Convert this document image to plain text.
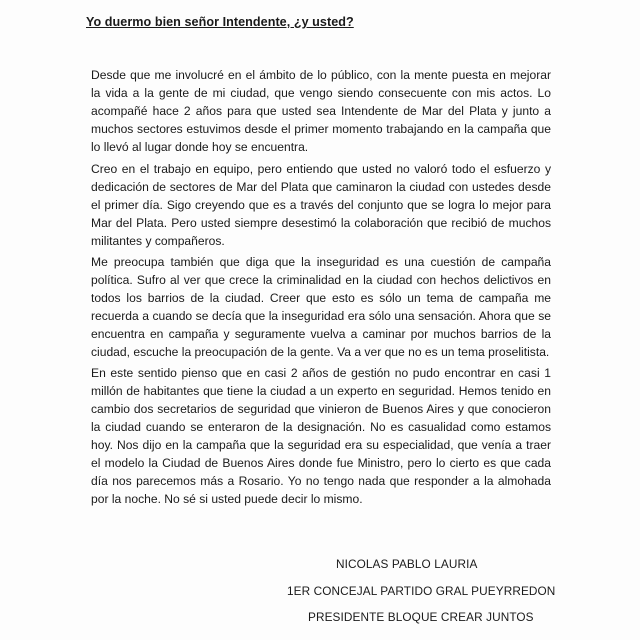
Yo duermo bien señor Intendente, ¿y usted?

Desde que me involucré en el ámbito de lo público, con la mente puesta en mejorar la vida a la gente de mi ciudad, que vengo siendo consecuente con mis actos. Lo acompañé hace 2 años para que usted sea Intendente de Mar del Plata y junto a muchos sectores estuvimos desde el primer momento trabajando en la campaña que lo llevó al lugar donde hoy se encuentra.

Creo en el trabajo en equipo, pero entiendo que usted no valoró todo el esfuerzo y dedicación de sectores de Mar del Plata que caminaron la ciudad con ustedes desde el primer día. Sigo creyendo que es a través del conjunto que se logra lo mejor para Mar del Plata. Pero usted siempre desestimó la colaboración que recibió de muchos militantes y compañeros.

Me preocupa también que diga que la inseguridad es una cuestión de campaña política. Sufro al ver que crece la criminalidad en la ciudad con hechos delictivos en todos los barrios de la ciudad. Creer que esto es sólo un tema de campaña me recuerda a cuando se decía que la inseguridad era sólo una sensación. Ahora que se encuentra en campaña y seguramente vuelva a caminar por muchos barrios de la ciudad, escuche la preocupación de la gente. Va a ver que no es un tema proselitista.

En este sentido pienso que en casi 2 años de gestión no pudo encontrar en casi 1 millón de habitantes que tiene la ciudad a un experto en seguridad. Hemos tenido en cambio dos secretarios de seguridad que vinieron de Buenos Aires y que conocieron la ciudad cuando se enteraron de la designación. No es casualidad como estamos hoy. Nos dijo en la campaña que la seguridad era su especialidad, que venía a traer el modelo la Ciudad de Buenos Aires donde fue Ministro, pero lo cierto es que cada día nos parecemos más a Rosario. Yo no tengo nada que responder a la almohada por la noche. No sé si usted puede decir lo mismo.

NICOLAS PABLO LAURIA
1ER CONCEJAL PARTIDO GRAL PUEYRREDON
PRESIDENTE BLOQUE CREAR JUNTOS
